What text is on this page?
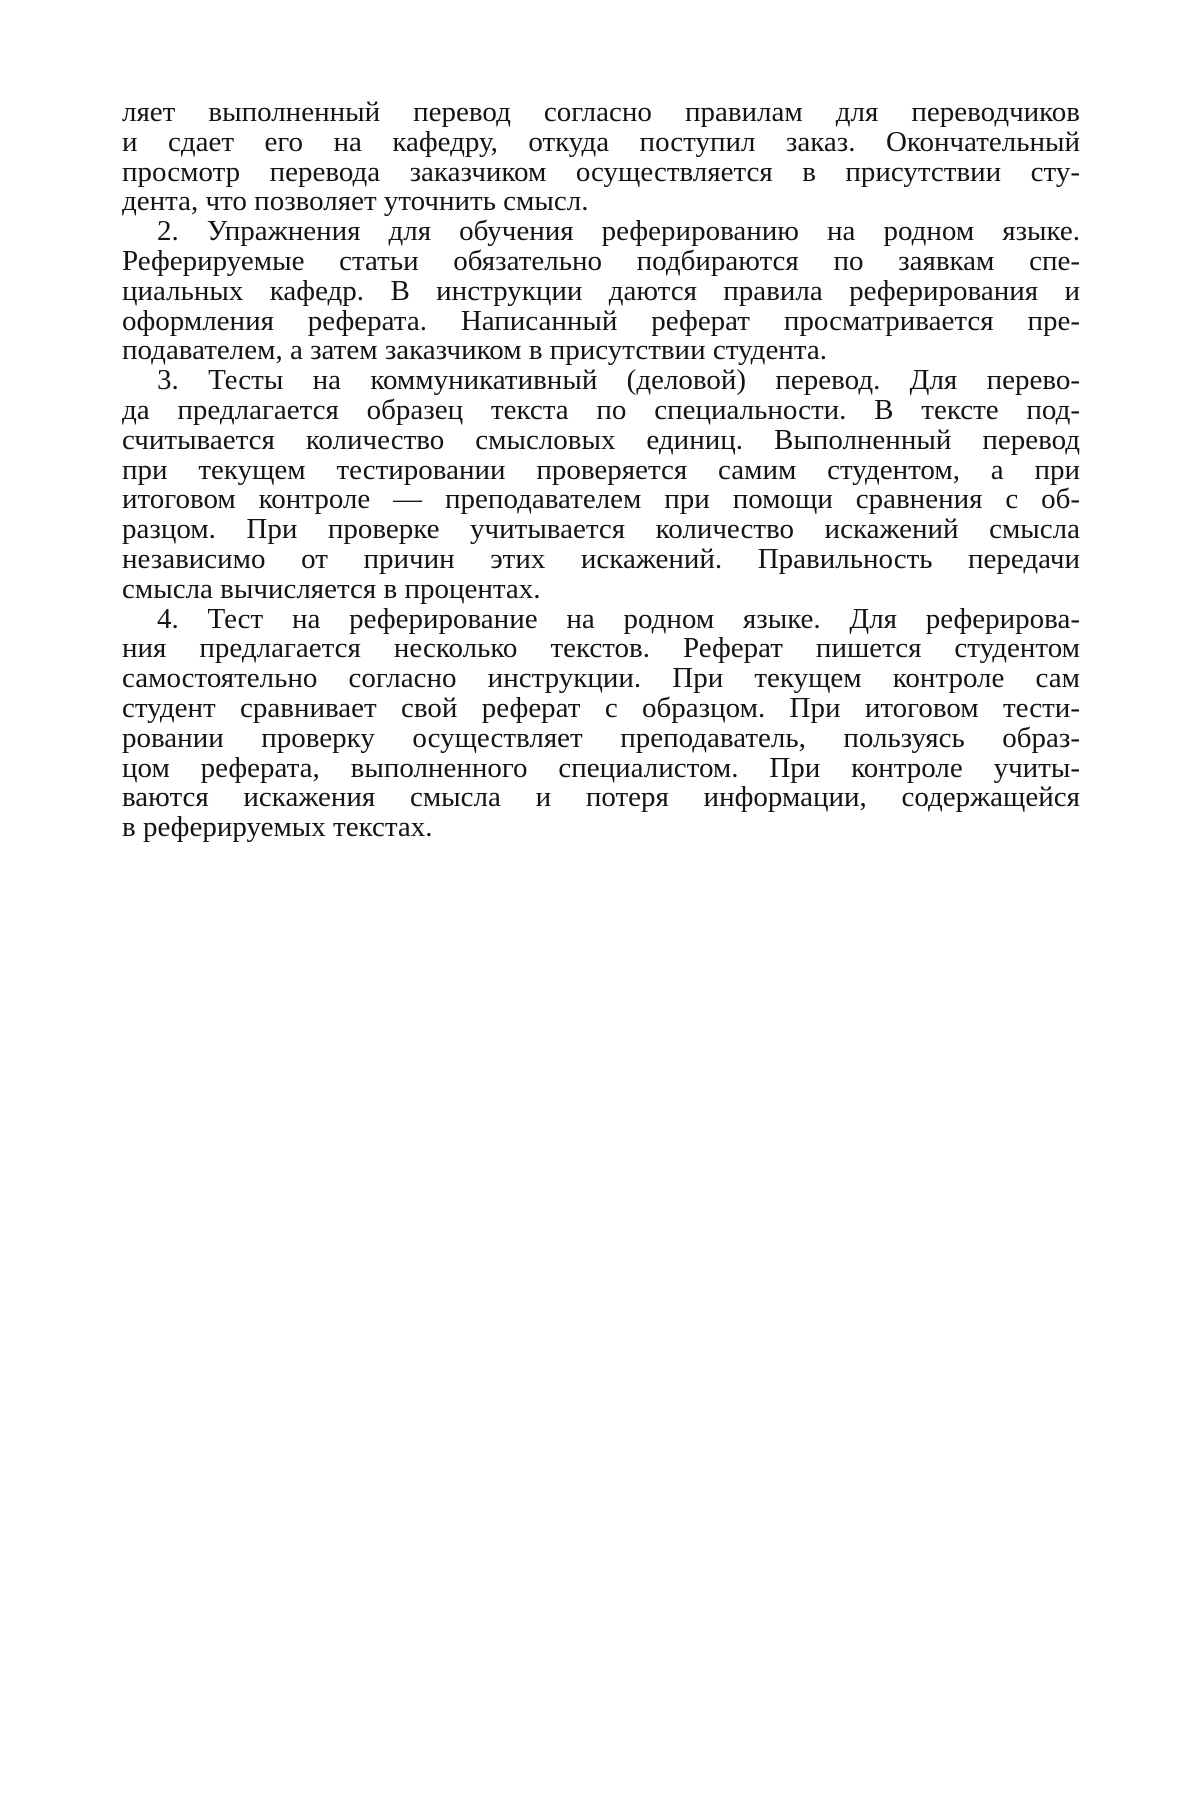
ляет выполненный перевод согласно правилам для переводчиков
и сдает его на кафедру, откуда поступил заказ. Окончательный
просмотр перевода заказчиком осуществляется в присутствии сту-
дента, что позволяет уточнить смысл.
2. Упражнения для обучения реферированию на родном языке.
Реферируемые статьи обязательно подбираются по заявкам спе-
циальных кафедр. В инструкции даются правила реферирования и
оформления реферата. Написанный реферат просматривается пре-
подавателем, а затем заказчиком в присутствии студента.
3. Тесты на коммуникативный (деловой) перевод. Для перево-
да предлагается образец текста по специальности. В тексте под-
считывается количество смысловых единиц. Выполненный перевод
при текущем тестировании проверяется самим студентом, а при
итоговом контроле — преподавателем при помощи сравнения с об-
разцом. При проверке учитывается количество искажений смысла
независимо от причин этих искажений. Правильность передачи
смысла вычисляется в процентах.
4. Тест на реферирование на родном языке. Для реферирова-
ния предлагается несколько текстов. Реферат пишется студентом
самостоятельно согласно инструкции. При текущем контроле сам
студент сравнивает свой реферат с образцом. При итоговом тести-
ровании проверку осуществляет преподаватель, пользуясь образ-
цом реферата, выполненного специалистом. При контроле учиты-
ваются искажения смысла и потеря информации, содержащейся
в реферируемых текстах.
